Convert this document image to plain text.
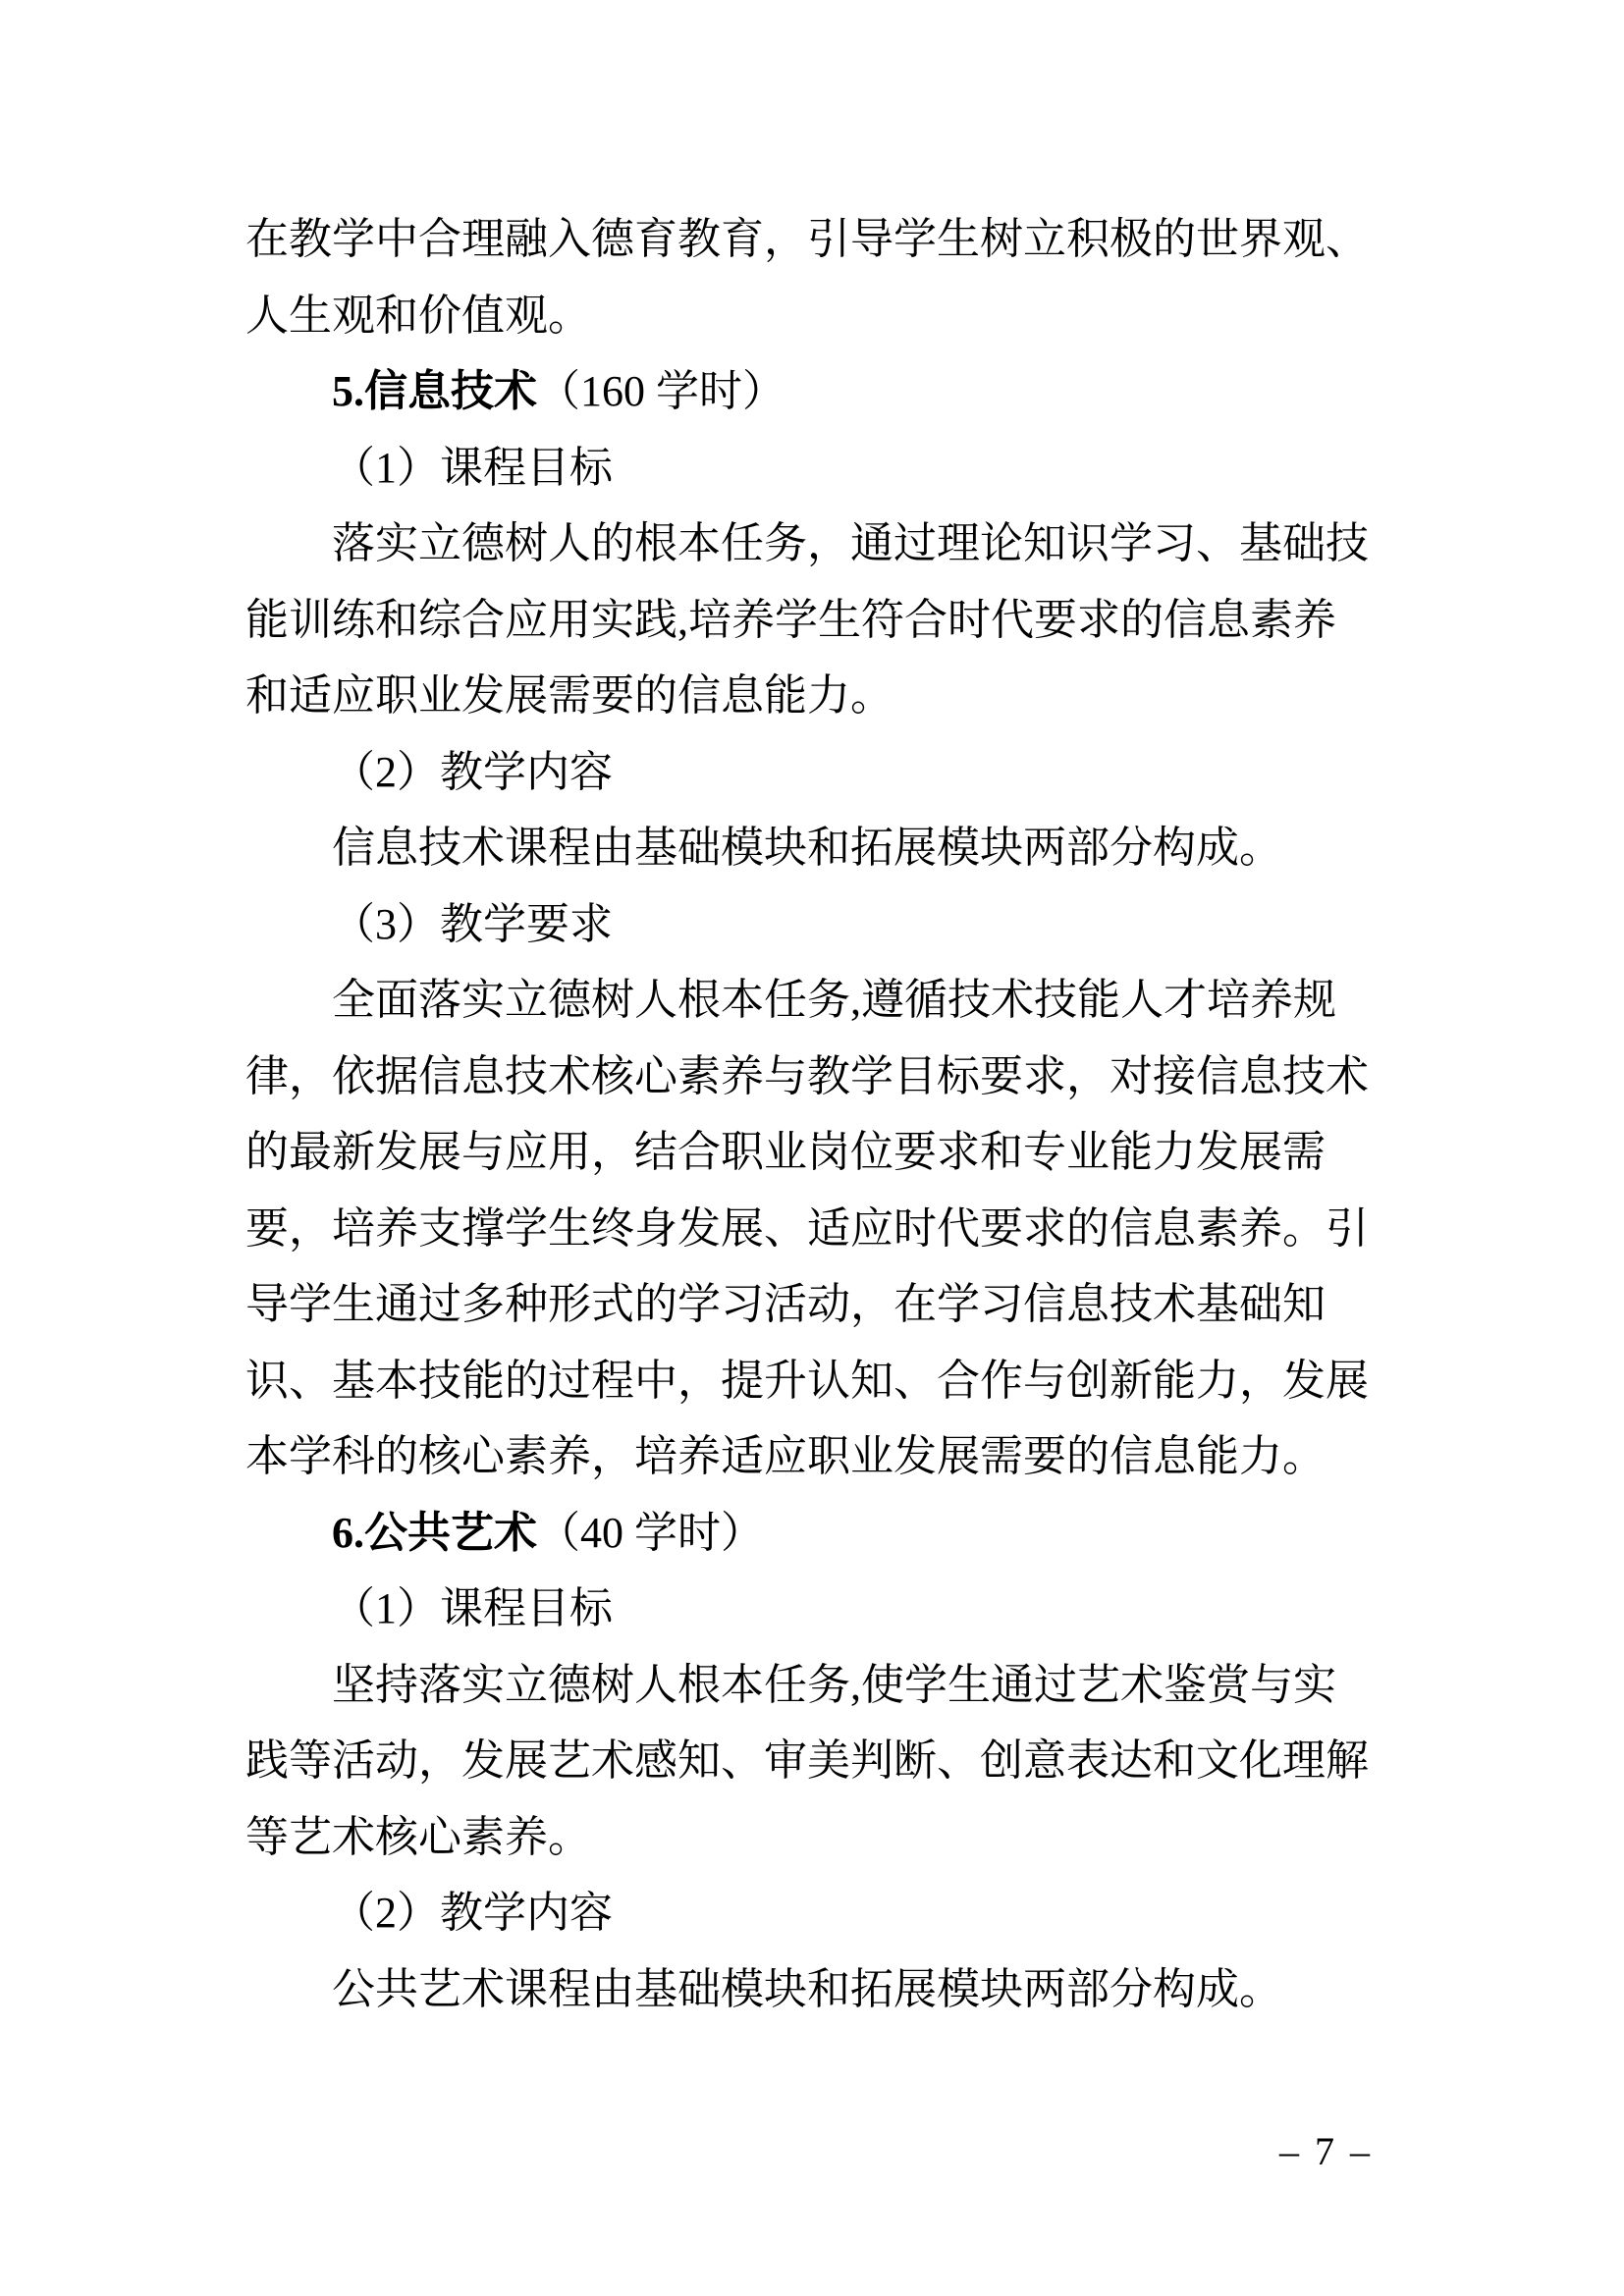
在教学中合理融入德育教育，引导学生树立积极的世界观、
人生观和价值观。
5.信息技术（160 学时）
（1）课程目标
落实立德树人的根本任务，通过理论知识学习、基础技
能训练和综合应用实践,培养学生符合时代要求的信息素养
和适应职业发展需要的信息能力。
（2）教学内容
信息技术课程由基础模块和拓展模块两部分构成。
（3）教学要求
全面落实立德树人根本任务,遵循技术技能人才培养规
律，依据信息技术核心素养与教学目标要求，对接信息技术
的最新发展与应用，结合职业岗位要求和专业能力发展需
要，培养支撑学生终身发展、适应时代要求的信息素养。引
导学生通过多种形式的学习活动，在学习信息技术基础知
识、基本技能的过程中，提升认知、合作与创新能力，发展
本学科的核心素养，培养适应职业发展需要的信息能力。
6.公共艺术（40 学时）
（1）课程目标
坚持落实立德树人根本任务,使学生通过艺术鉴赏与实
践等活动，发展艺术感知、审美判断、创意表达和文化理解
等艺术核心素养。
（2）教学内容
公共艺术课程由基础模块和拓展模块两部分构成。
– 7 –
